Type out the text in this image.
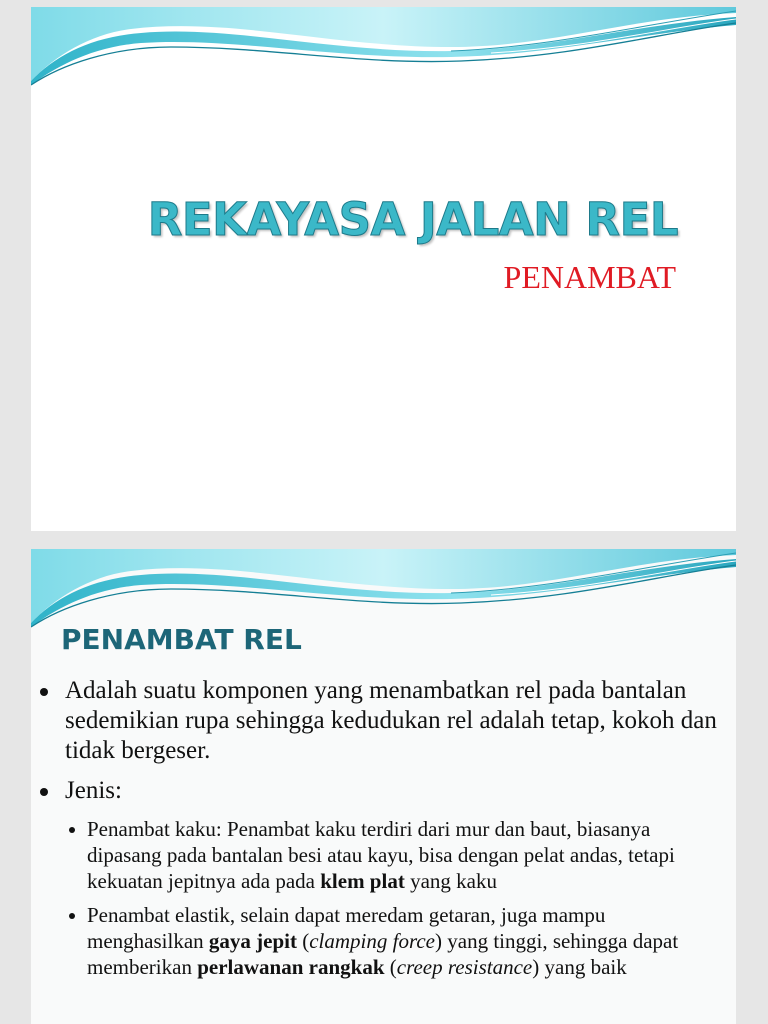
REKAYASA JALAN REL
PENAMBAT
PENAMBAT REL
Adalah suatu komponen yang menambatkan rel pada bantalan sedemikian rupa sehingga kedudukan rel adalah tetap, kokoh dan tidak bergeser.
Jenis:
Penambat kaku: Penambat kaku terdiri dari mur dan baut, biasanya dipasang pada bantalan besi atau kayu, bisa dengan pelat andas, tetapi kekuatan jepitnya ada pada klem plat yang kaku
Penambat elastik, selain dapat meredam getaran, juga mampu menghasilkan gaya jepit (clamping force) yang tinggi, sehingga dapat memberikan perlawanan rangkak (creep resistance) yang baik
